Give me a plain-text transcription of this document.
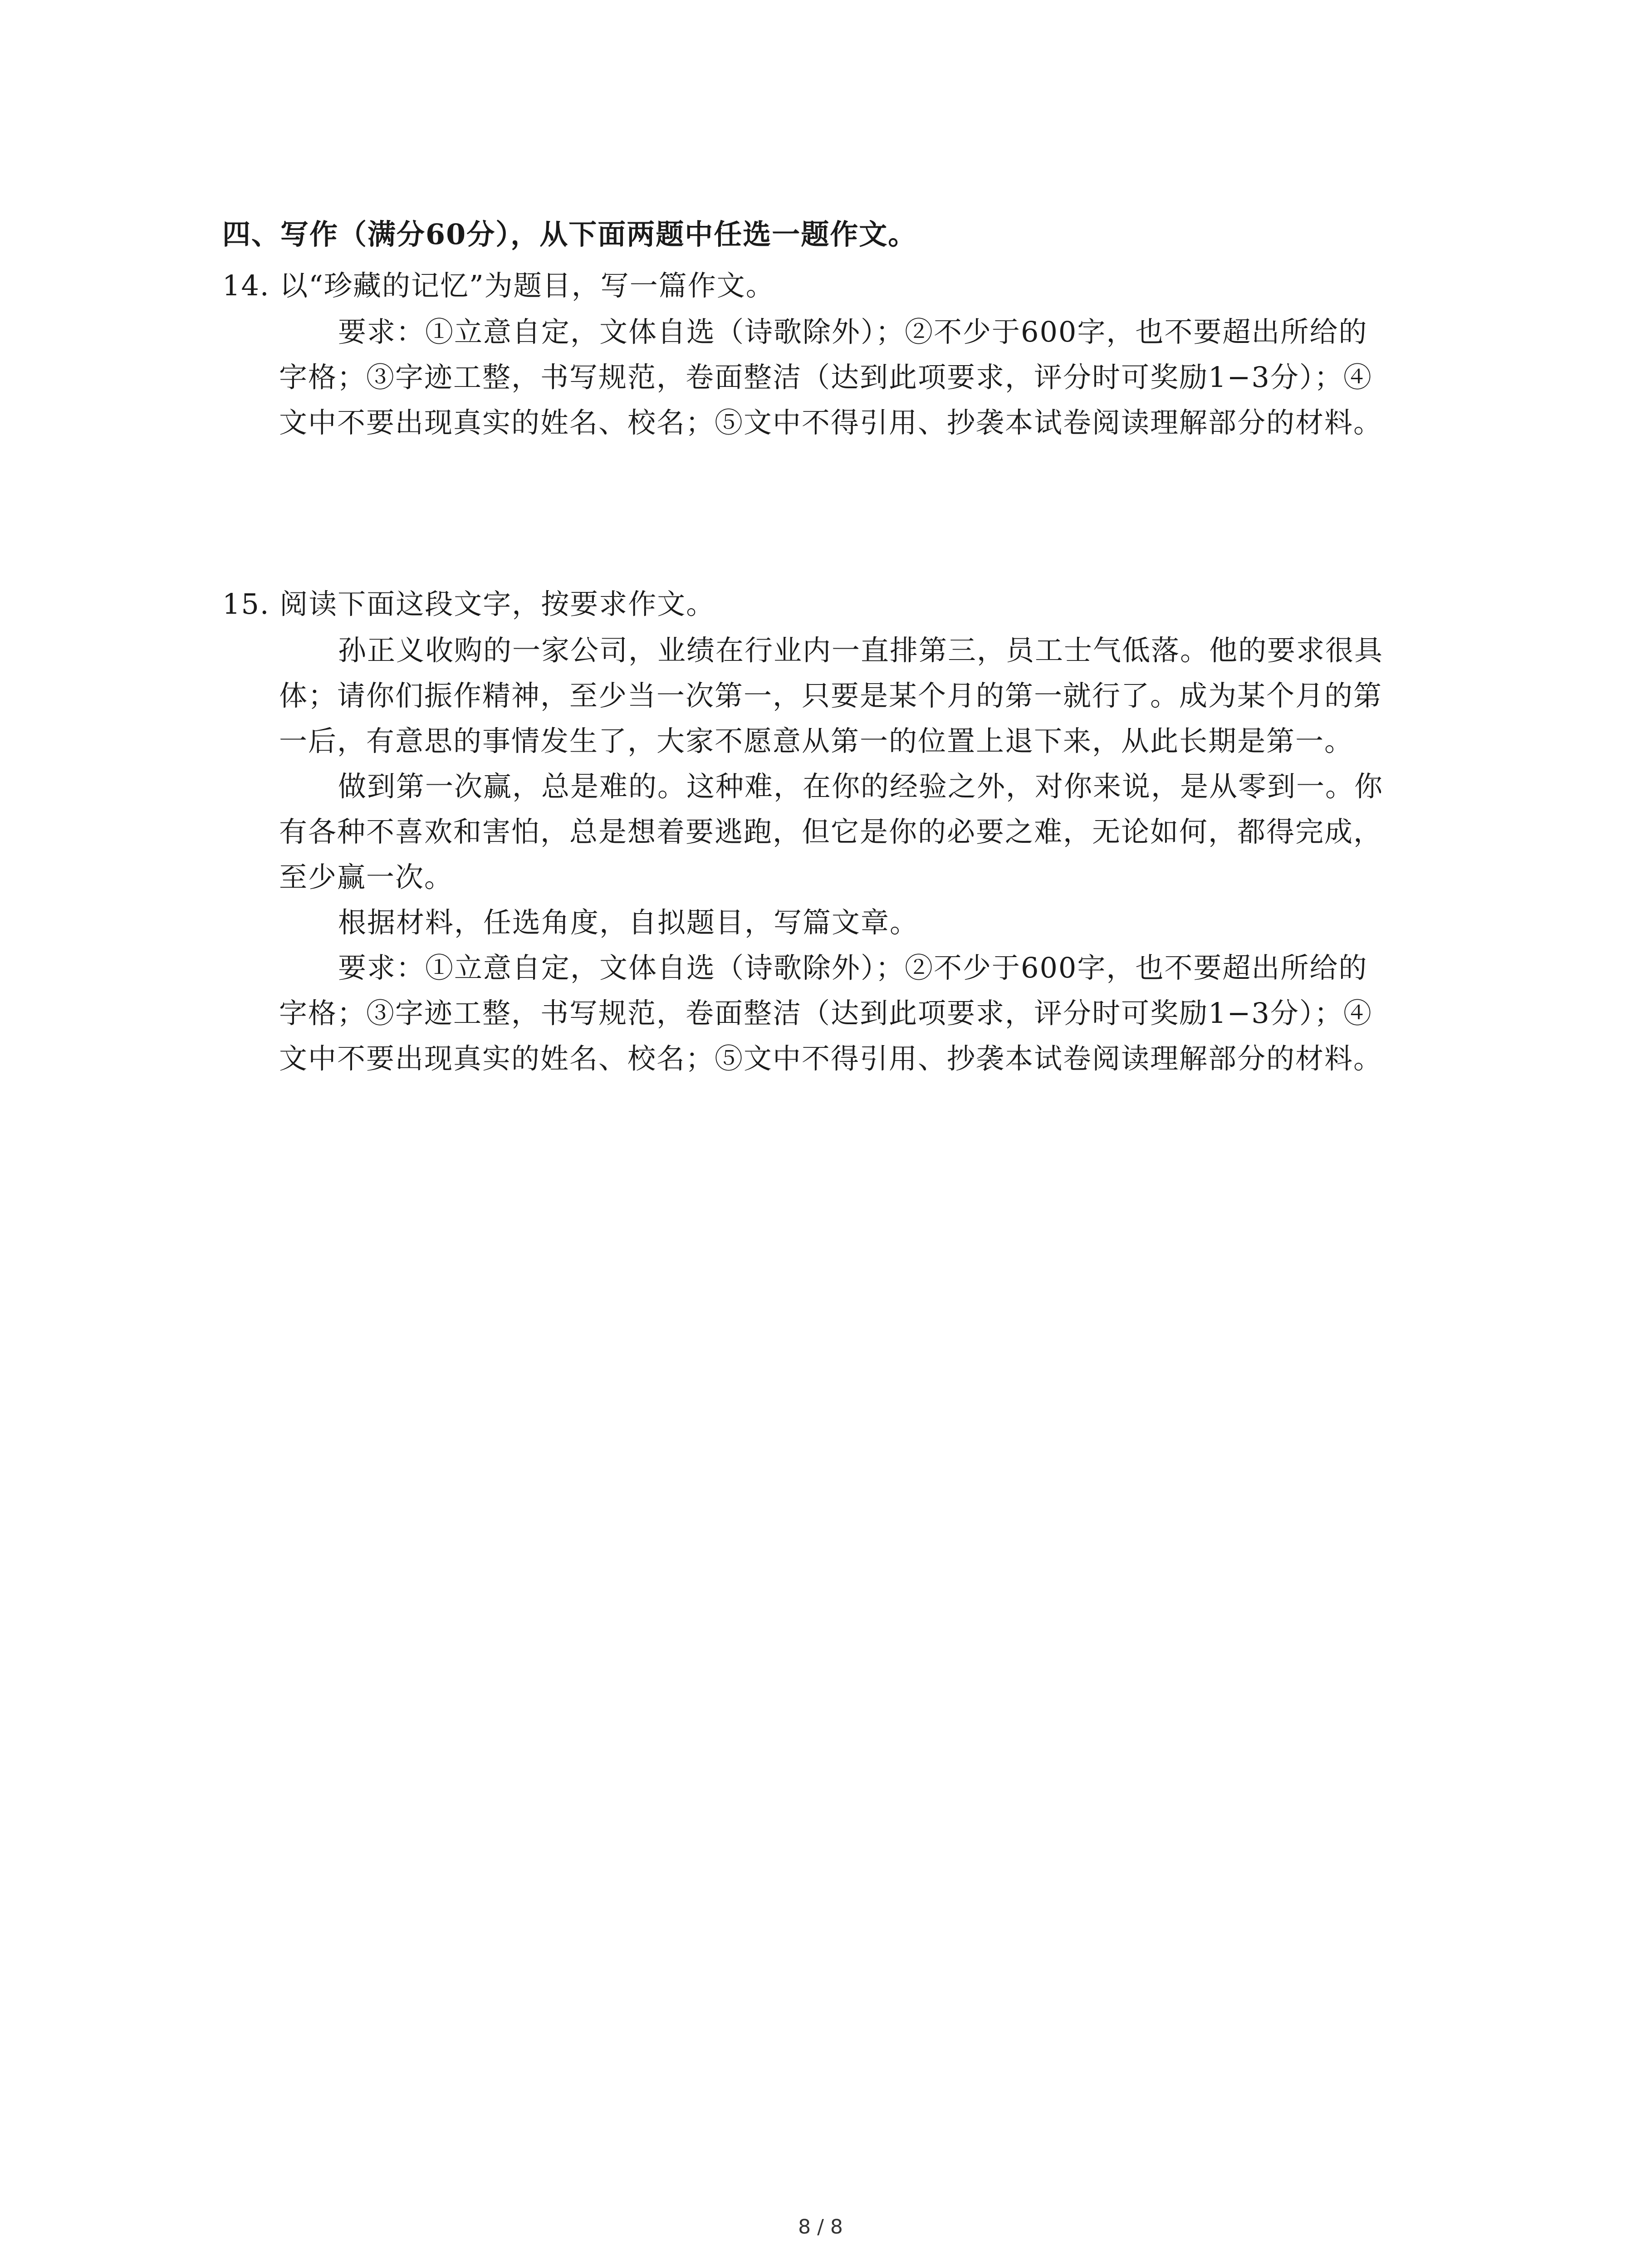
四、写作（满分60分），从下面两题中任选一题作文。
14. 以“珍藏的记忆”为题目，写一篇作文。
要求：①立意自定，文体自选（诗歌除外）；②不少于600字，也不要超出所给的
字格；③字迹工整，书写规范，卷面整洁（达到此项要求，评分时可奖励1−3分）；④
文中不要出现真实的姓名、校名；⑤文中不得引用、抄袭本试卷阅读理解部分的材料。
15. 阅读下面这段文字，按要求作文。
孙正义收购的一家公司，业绩在行业内一直排第三，员工士气低落。他的要求很具
体；请你们振作精神，至少当一次第一，只要是某个月的第一就行了。成为某个月的第
一后，有意思的事情发生了，大家不愿意从第一的位置上退下来，从此长期是第一。
做到第一次赢，总是难的。这种难，在你的经验之外，对你来说，是从零到一。你
有各种不喜欢和害怕，总是想着要逃跑，但它是你的必要之难，无论如何，都得完成，
至少赢一次。
根据材料，任选角度，自拟题目，写篇文章。
要求：①立意自定，文体自选（诗歌除外）；②不少于600字，也不要超出所给的
字格；③字迹工整，书写规范，卷面整洁（达到此项要求，评分时可奖励1−3分）；④
文中不要出现真实的姓名、校名；⑤文中不得引用、抄袭本试卷阅读理解部分的材料。
8 / 8
